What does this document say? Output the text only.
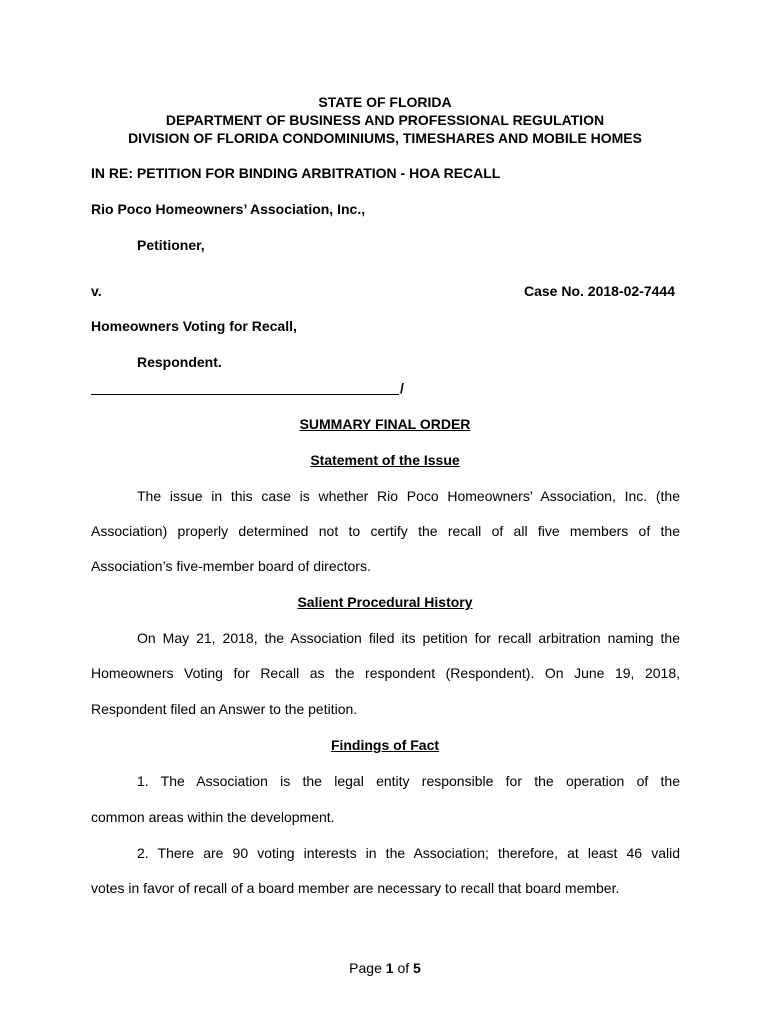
STATE OF FLORIDA
DEPARTMENT OF BUSINESS AND PROFESSIONAL REGULATION
DIVISION OF FLORIDA CONDOMINIUMS, TIMESHARES AND MOBILE HOMES
IN RE: PETITION FOR BINDING ARBITRATION - HOA RECALL
Rio Poco Homeowners’ Association, Inc.,
Petitioner,
v.	Case No. 2018-02-7444
Homeowners Voting for Recall,
Respondent.
/
SUMMARY FINAL ORDER
Statement of the Issue
The issue in this case is whether Rio Poco Homeowners’ Association, Inc. (the
Association) properly determined not to certify the recall of all five members of the
Association’s five-member board of directors.
Salient Procedural History
On May 21, 2018, the Association filed its petition for recall arbitration naming the
Homeowners Voting for Recall as the respondent (Respondent). On June 19, 2018,
Respondent filed an Answer to the petition.
Findings of Fact
1. The Association is the legal entity responsible for the operation of the
common areas within the development.
2. There are 90 voting interests in the Association; therefore, at least 46 valid
votes in favor of recall of a board member are necessary to recall that board member.
Page 1 of 5
